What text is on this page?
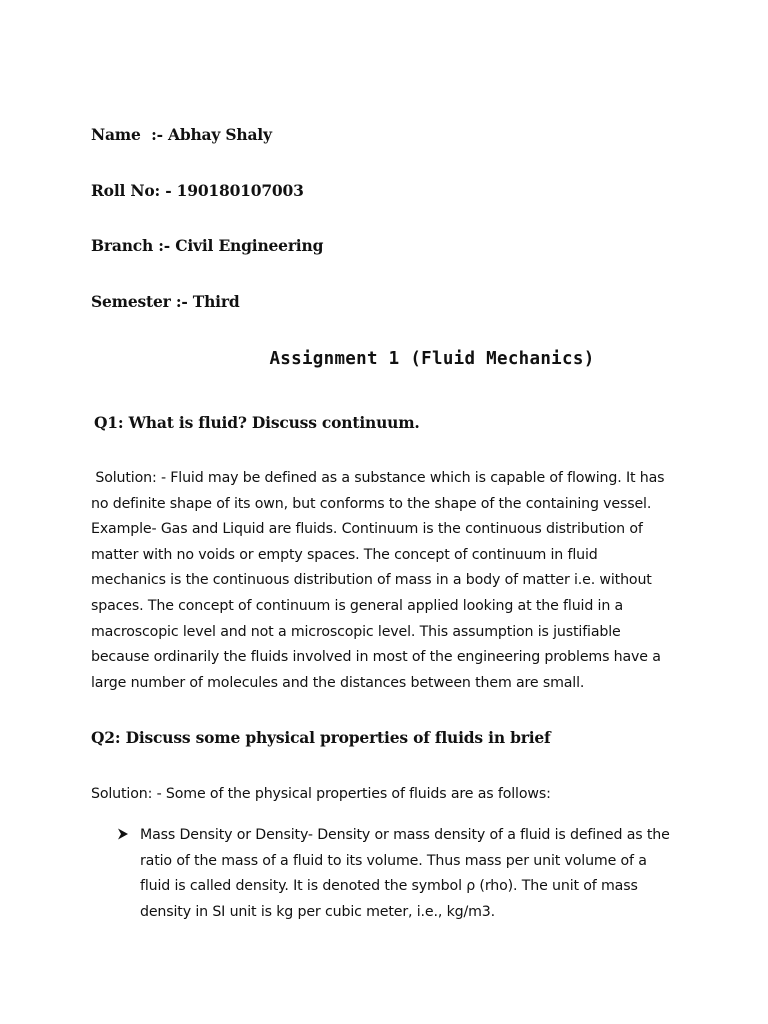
Name  :- Abhay Shaly
Roll No: - 190180107003
Branch :- Civil Engineering
Semester :- Third
Assignment 1 (Fluid Mechanics)
Q1: What is fluid? Discuss continuum.
Solution: - Fluid may be defined as a substance which is capable of flowing. It has
no definite shape of its own, but conforms to the shape of the containing vessel.
Example- Gas and Liquid are fluids. Continuum is the continuous distribution of
matter with no voids or empty spaces. The concept of continuum in fluid
mechanics is the continuous distribution of mass in a body of matter i.e. without
spaces. The concept of continuum is general applied looking at the fluid in a
macroscopic level and not a microscopic level. This assumption is justifiable
because ordinarily the fluids involved in most of the engineering problems have a
large number of molecules and the distances between them are small.
Q2: Discuss some physical properties of fluids in brief
Solution: - Some of the physical properties of fluids are as follows:
Mass Density or Density- Density or mass density of a fluid is defined as the
ratio of the mass of a fluid to its volume. Thus mass per unit volume of a
fluid is called density. It is denoted the symbol ρ (rho). The unit of mass
density in SI unit is kg per cubic meter, i.e., kg/m3.
